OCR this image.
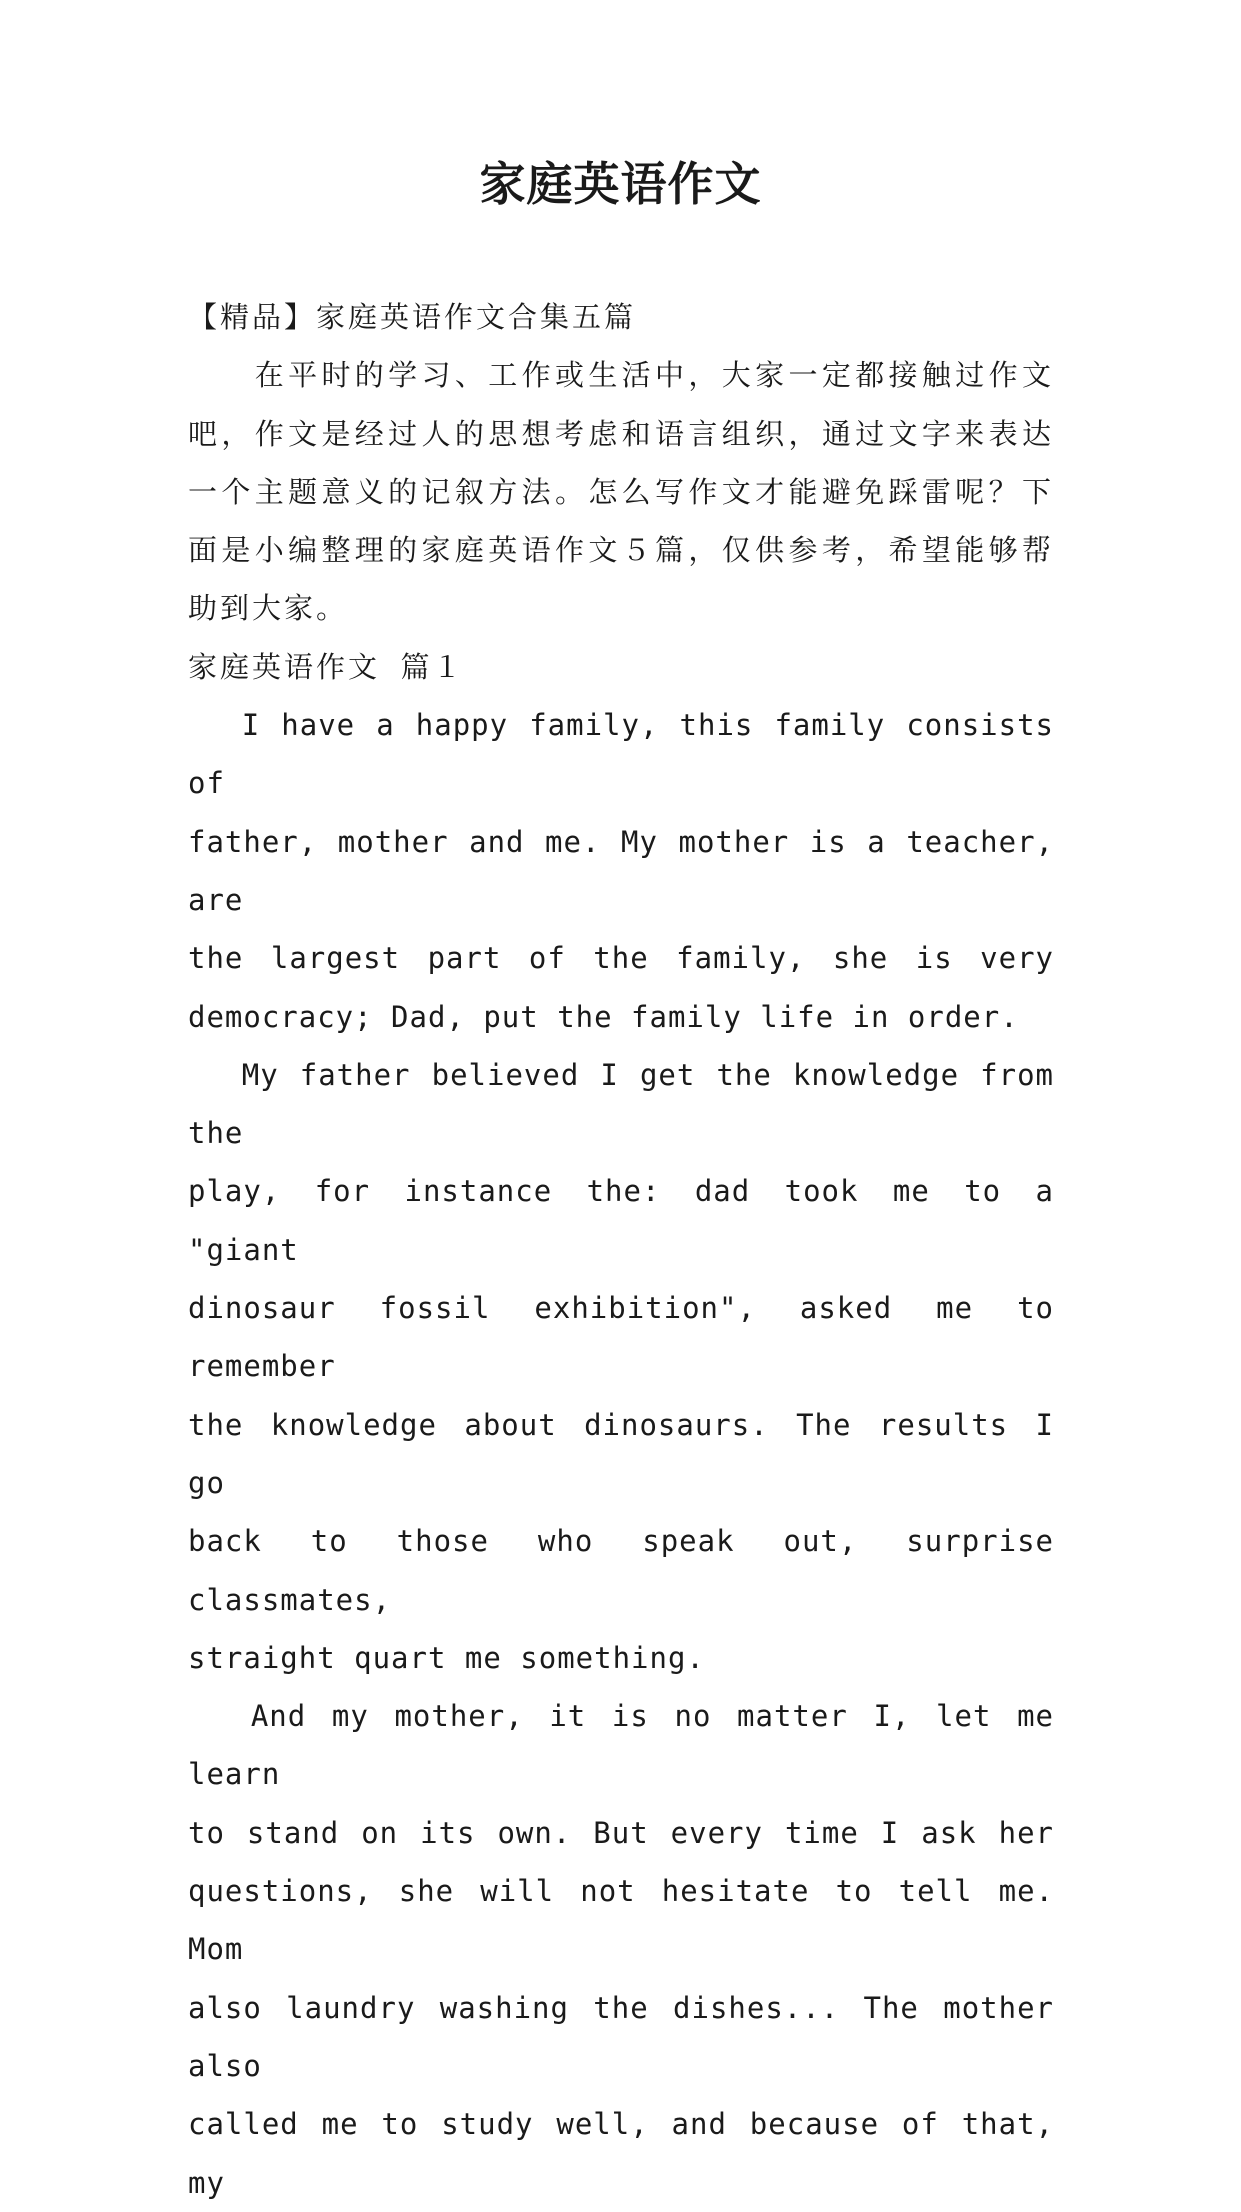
家庭英语作文

【精品】家庭英语作文合集五篇

　　在平时的学习、工作或生活中，大家一定都接触过作文

吧，作文是经过人的思想考虑和语言组织，通过文字来表达

一个主题意义的记叙方法。怎么写作文才能避免踩雷呢？下

面是小编整理的家庭英语作文５篇，仅供参考，希望能够帮

助到大家。

家庭英语作文 篇１

　 I have a happy family, this family consists of

father, mother and me. My mother is a teacher, are

the largest part of the family, she is very

democracy; Dad, put the family life in order.

　 My father believed I get the knowledge from the

play, for instance the: dad took me to a "giant

dinosaur fossil exhibition", asked me to remember

the knowledge about dinosaurs. The results I go

back to those who speak out, surprise classmates,

straight quart me something.

　 And my mother, it is no matter I, let me learn

to stand on its own. But every time I ask her

questions, she will not hesitate to tell me. Mom

also laundry washing the dishes... The mother also

called me to study well, and because of that, my
